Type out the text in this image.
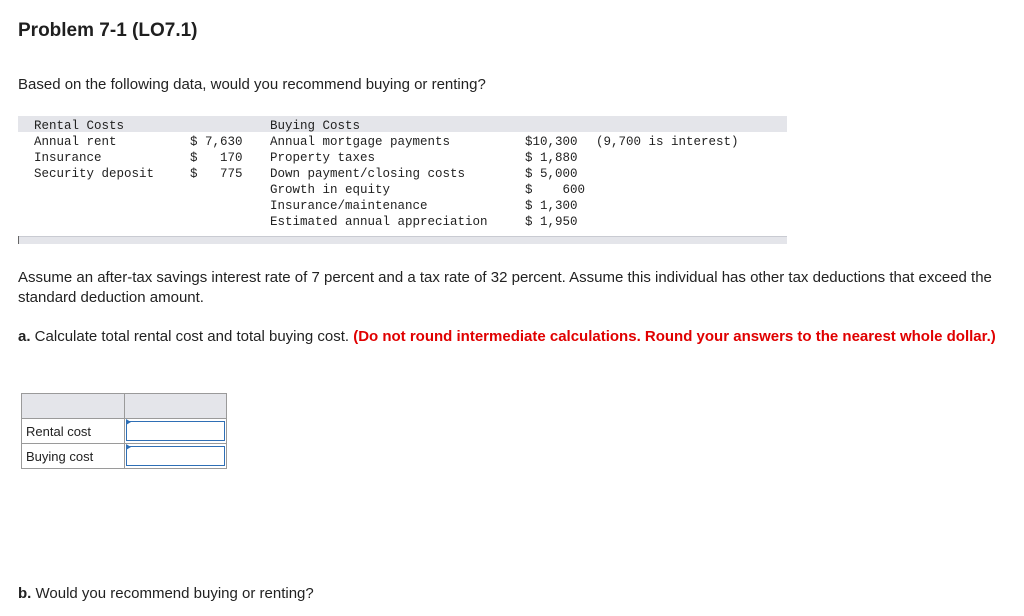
Problem 7-1 (LO7.1)
Based on the following data, would you recommend buying or renting?
Rental Costs
Annual rent	$ 7,630
Insurance	$   170
Security deposit	$   775
Buying Costs
Annual mortgage payments	$10,300 (9,700 is interest)
Property taxes	$ 1,880
Down payment/closing costs	$ 5,000
Growth in equity	$    600
Insurance/maintenance	$ 1,300
Estimated annual appreciation	$ 1,950
Assume an after-tax savings interest rate of 7 percent and a tax rate of 32 percent. Assume this individual has other tax deductions that exceed the standard deduction amount.
a. Calculate total rental cost and total buying cost. (Do not round intermediate calculations. Round your answers to the nearest whole dollar.)

Rental cost	

Buying cost	
b. Would you recommend buying or renting?
